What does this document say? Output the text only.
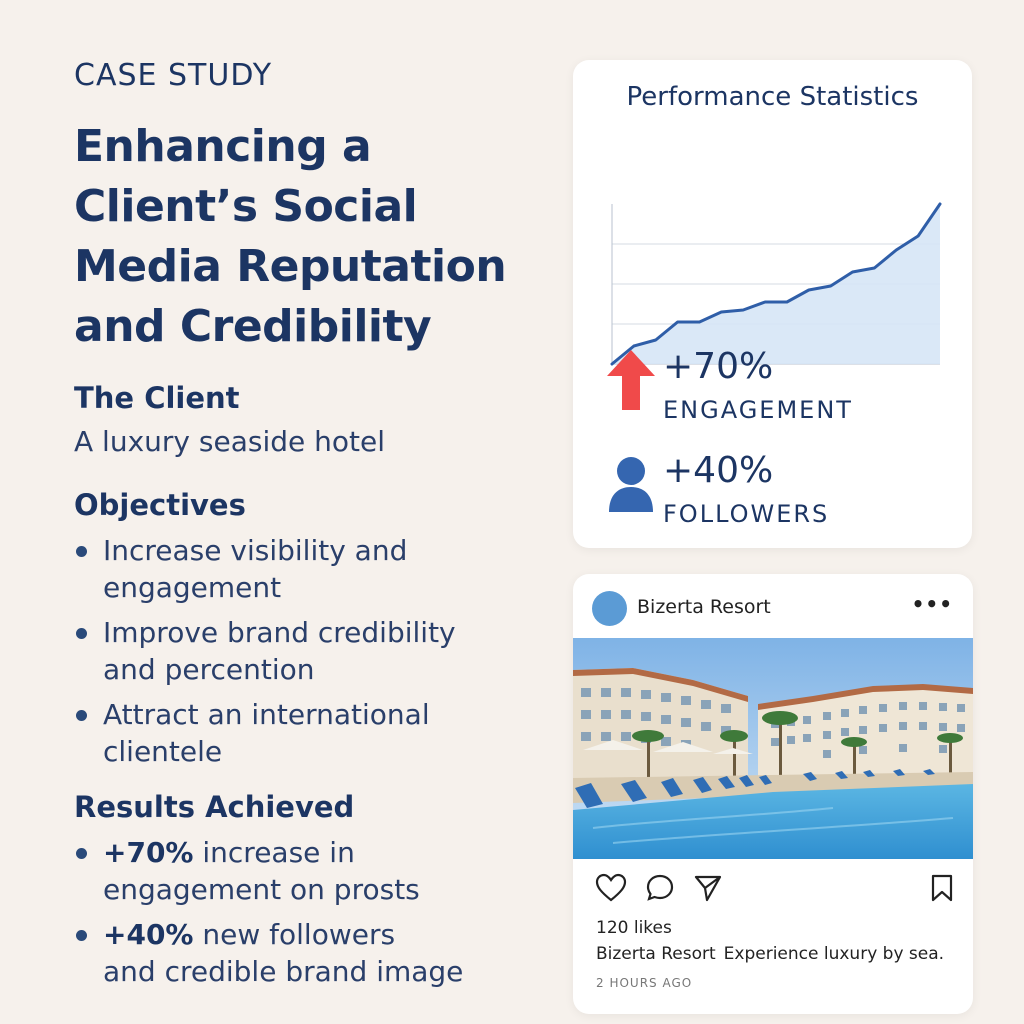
CASE STUDY
Enhancing a
Client’s Social
Media Reputation
and Credibility
The Client
A luxury seaside hotel
Objectives
Increase visibility and
engagement
Improve brand credibility
and percention
Attract an international
clientele
Results Achieved
+70% increase in
engagement on prosts
+40% new followers
and credible brand image
Performance Statistics
+70%
ENGAGEMENT
+40%
FOLLOWERS
Bizerta Resort	•••
120 likes
Bizerta Resort Experience luxury by sea.
2 HOURS AGO
